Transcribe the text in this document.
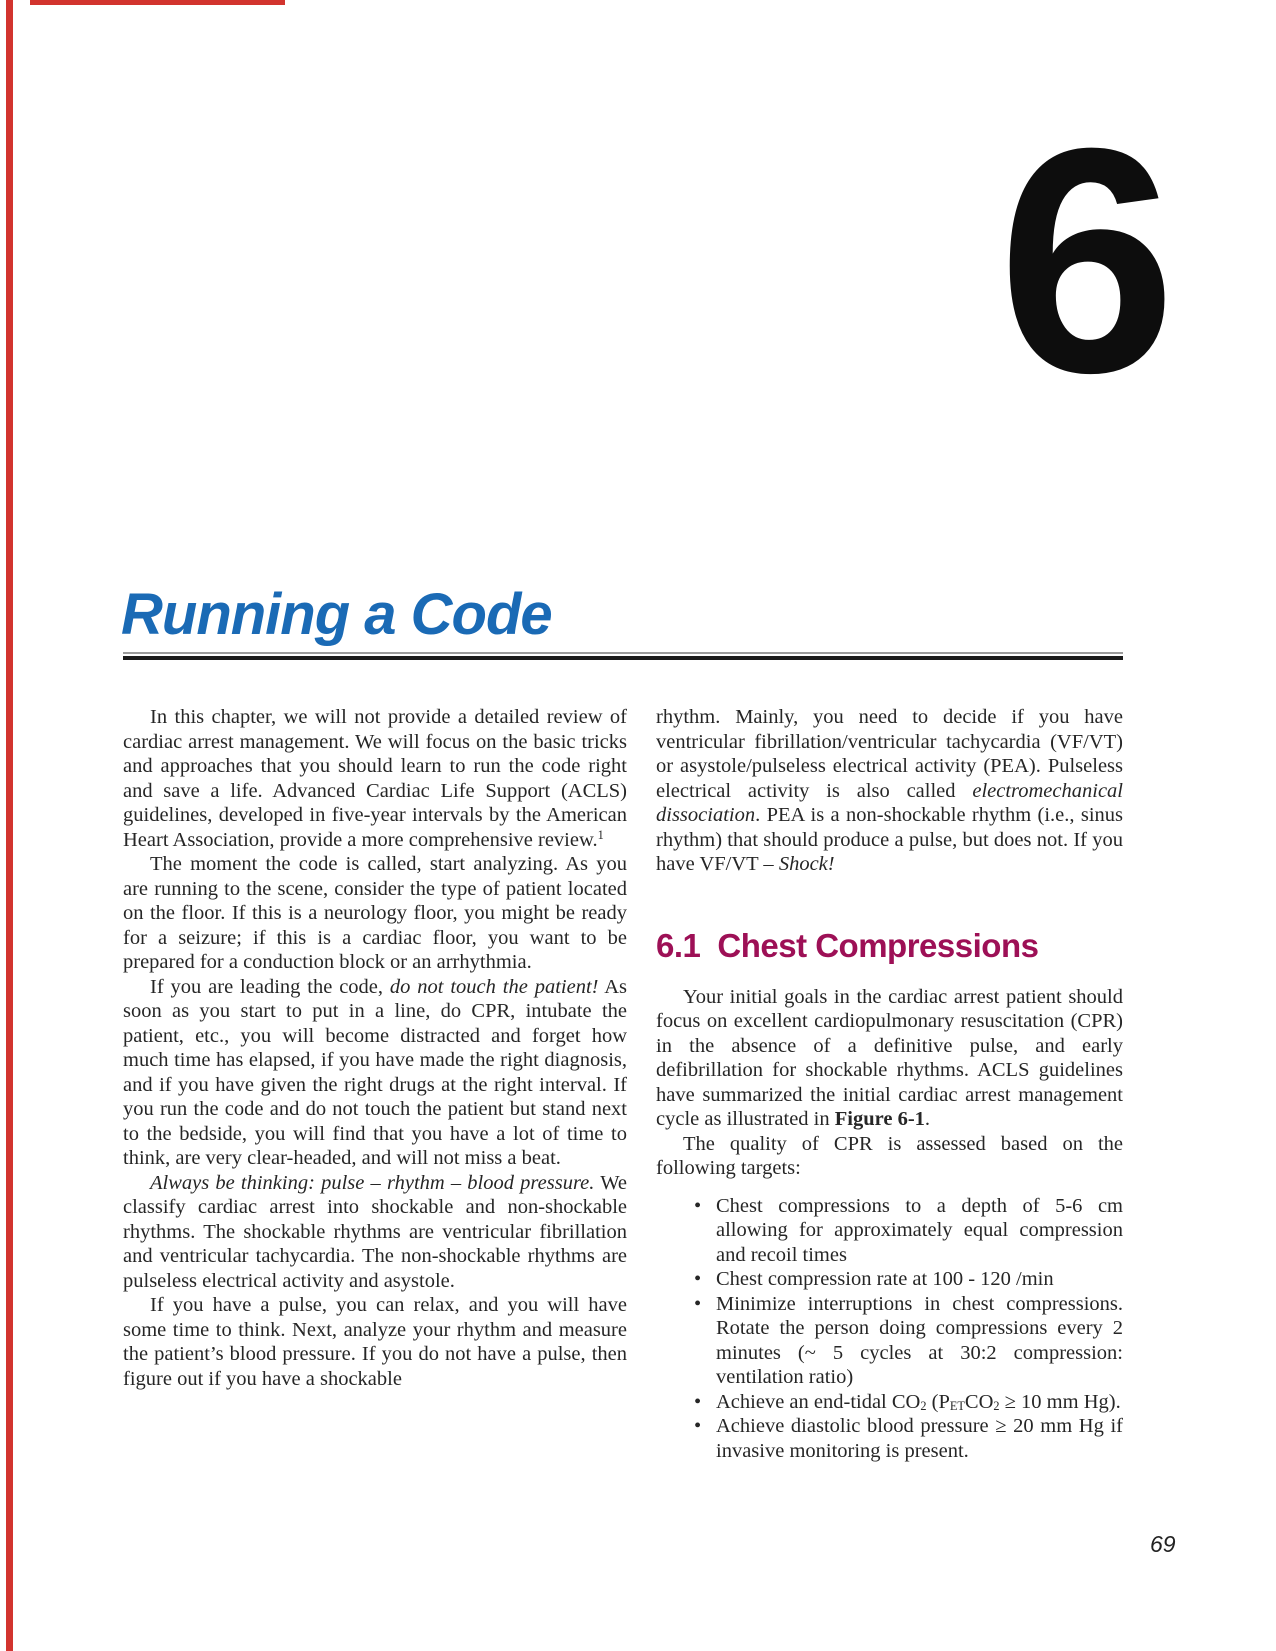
6
Running a Code

In this chapter, we will not provide a detailed review of cardiac arrest management. We will focus on the basic tricks and approaches that you should learn to run the code right and save a life. Advanced Cardiac Life Support (ACLS) guidelines, developed in five-year intervals by the American Heart Association, provide a more comprehensive review.$^1$

The moment the code is called, start analyzing. As you are running to the scene, consider the type of patient located on the floor. If this is a neurology floor, you might be ready for a seizure; if this is a cardiac floor, you want to be prepared for a conduction block or an arrhythmia.

If you are leading the code, do not touch the patient! As soon as you start to put in a line, do CPR, intubate the patient, etc., you will become distracted and forget how much time has elapsed, if you have made the right diagnosis, and if you have given the right drugs at the right interval. If you run the code and do not touch the patient but stand next to the bedside, you will find that you have a lot of time to think, are very clear-headed, and will not miss a beat.

Always be thinking: pulse – rhythm – blood pressure. We classify cardiac arrest into shockable and non-shockable rhythms. The shockable rhythms are ventricular fibrillation and ventricular tachycardia. The non-shockable rhythms are pulseless electrical activity and asystole.

If you have a pulse, you can relax, and you will have some time to think. Next, analyze your rhythm and measure the patient’s blood pressure. If you do not have a pulse, then figure out if you have a shockable

rhythm. Mainly, you need to decide if you have ventricular fibrillation/ventricular tachycardia (VF/VT) or asystole/pulseless electrical activity (PEA). Pulseless electrical activity is also called electromechanical dissociation. PEA is a non-shockable rhythm (i.e., sinus rhythm) that should produce a pulse, but does not. If you have VF/VT – Shock!

6.1 Chest Compressions

Your initial goals in the cardiac arrest patient should focus on excellent cardiopulmonary resuscitation (CPR) in the absence of a definitive pulse, and early defibrillation for shockable rhythms. ACLS guidelines have summarized the initial cardiac arrest management cycle as illustrated in Figure 6-1.

The quality of CPR is assessed based on the following targets:

• Chest compressions to a depth of 5-6 cm allowing for approximately equal compression and recoil times
• Chest compression rate at 100 - 120 /min
• Minimize interruptions in chest compressions. Rotate the person doing compressions every 2 minutes (~ 5 cycles at 30:2 compression: ventilation ratio)
• Achieve an end-tidal $CO_2$ ($P_{ET}CO_2 \ge 10$ mm Hg).
• Achieve diastolic blood pressure ≥ 20 mm Hg if invasive monitoring is present.
69
